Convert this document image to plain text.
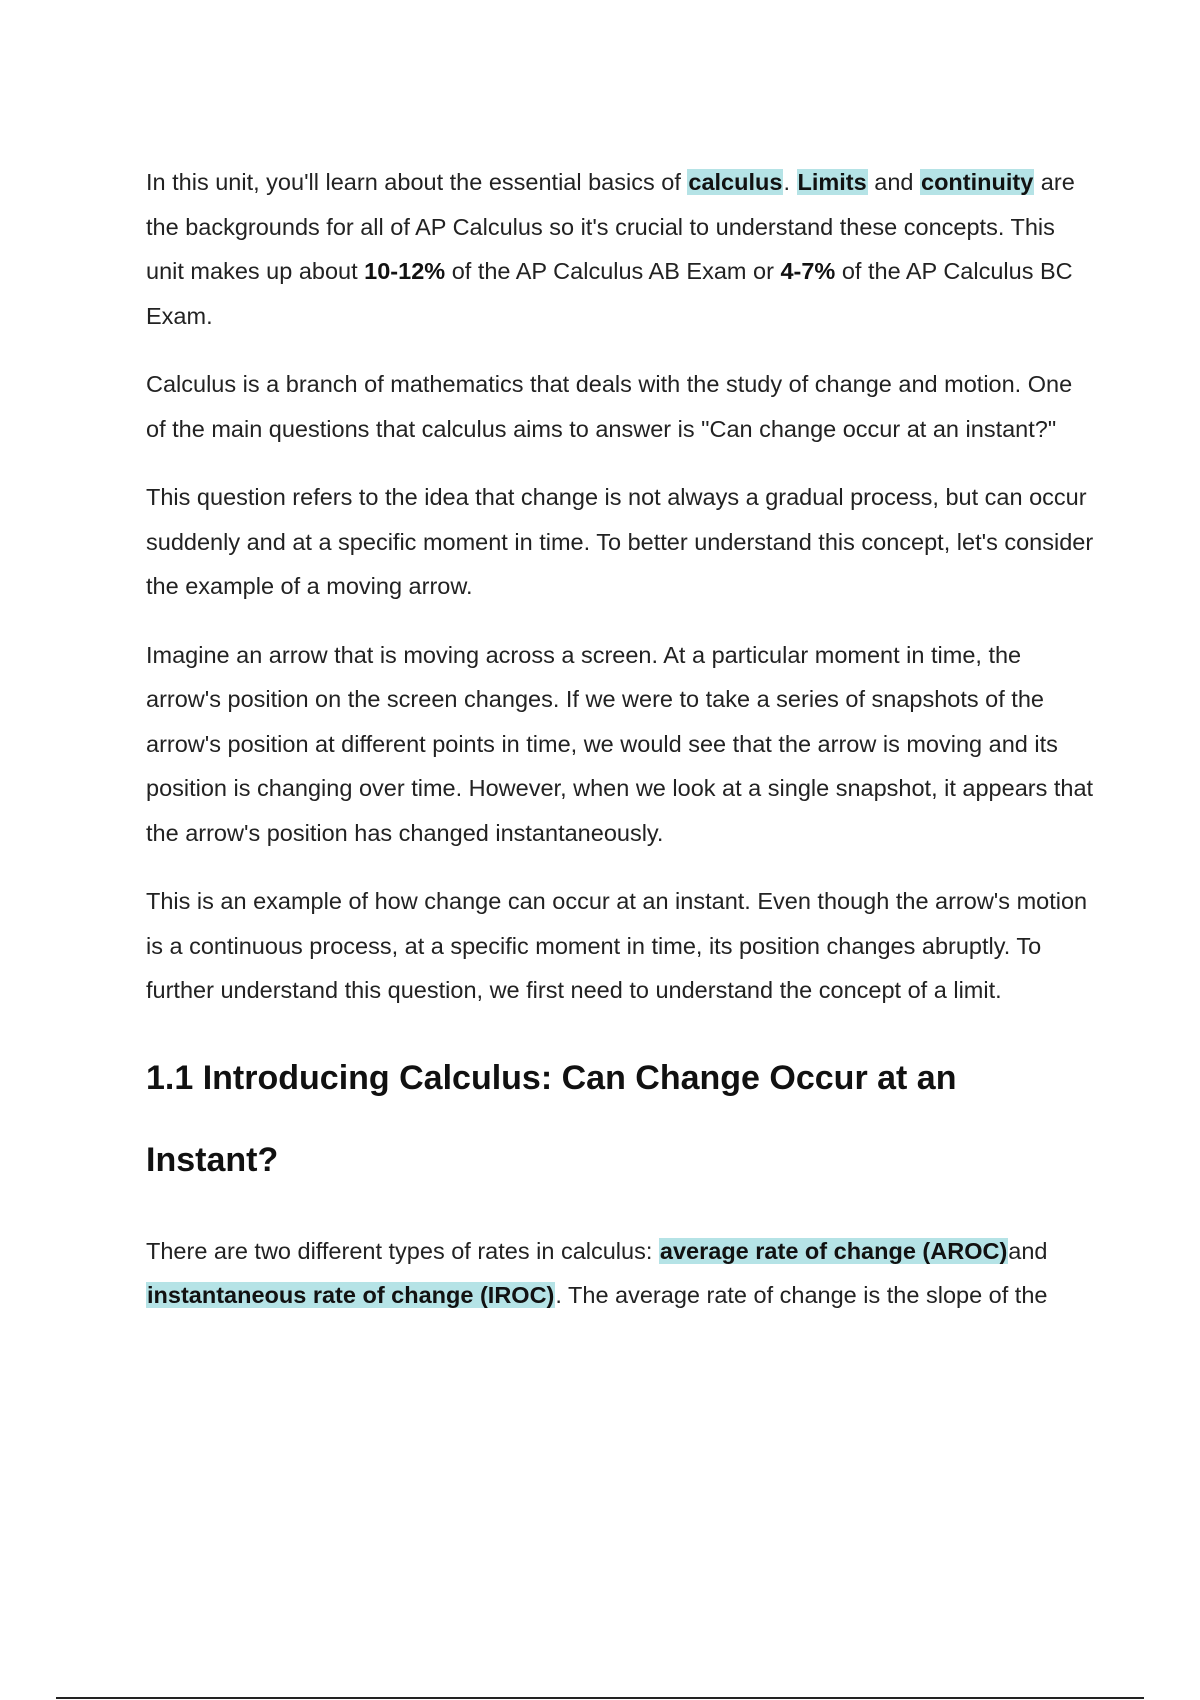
In this unit, you'll learn about the essential basics of calculus. Limits and continuity are the backgrounds for all of AP Calculus so it's crucial to understand these concepts. This unit makes up about 10-12% of the AP Calculus AB Exam or 4-7% of the AP Calculus BC Exam.

Calculus is a branch of mathematics that deals with the study of change and motion. One of the main questions that calculus aims to answer is "Can change occur at an instant?"

This question refers to the idea that change is not always a gradual process, but can occur suddenly and at a specific moment in time. To better understand this concept, let's consider the example of a moving arrow.

Imagine an arrow that is moving across a screen. At a particular moment in time, the arrow's position on the screen changes. If we were to take a series of snapshots of the arrow's position at different points in time, we would see that the arrow is moving and its position is changing over time. However, when we look at a single snapshot, it appears that the arrow's position has changed instantaneously.

This is an example of how change can occur at an instant. Even though the arrow's motion is a continuous process, at a specific moment in time, its position changes abruptly. To further understand this question, we first need to understand the concept of a limit.

1.1 Introducing Calculus: Can Change Occur at an Instant?

There are two different types of rates in calculus: average rate of change (AROC)and instantaneous rate of change (IROC). The average rate of change is the slope of the
